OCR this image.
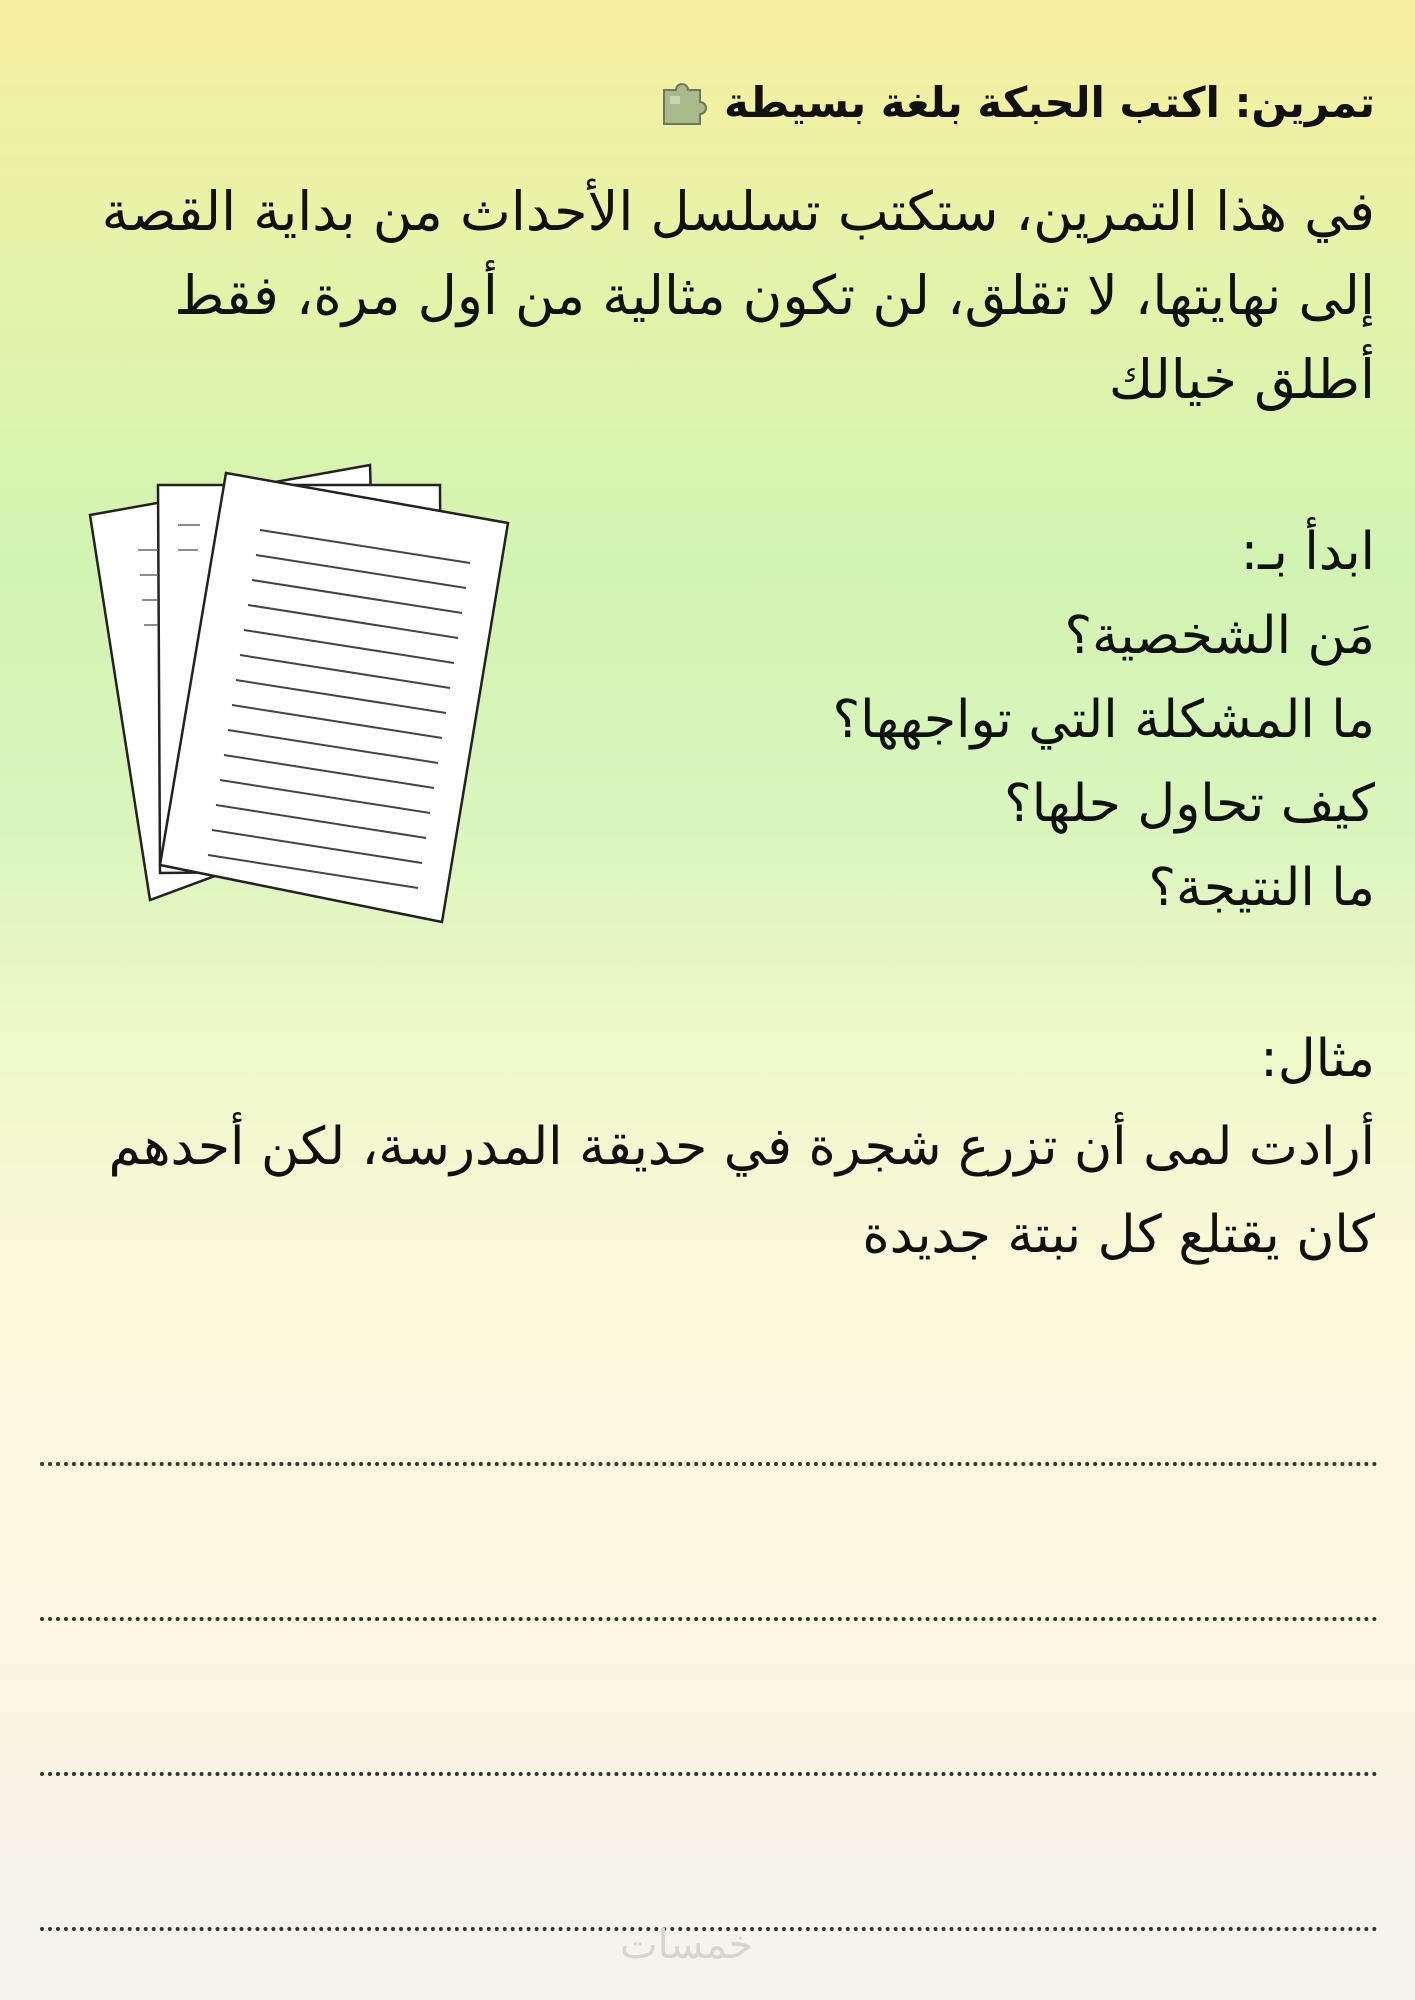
تمرين: اكتب الحبكة بلغة بسيطة
في هذا التمرين، ستكتب تسلسل الأحداث من بداية القصة
إلى نهايتها، لا تقلق، لن تكون مثالية من أول مرة، فقط
أطلق خيالك
ابدأ بـ:
مَن الشخصية؟
ما المشكلة التي تواجهها؟
كيف تحاول حلها؟
ما النتيجة؟
مثال:
أرادت لمى أن تزرع شجرة في حديقة المدرسة، لكن أحدهم
كان يقتلع كل نبتة جديدة
خمسات
